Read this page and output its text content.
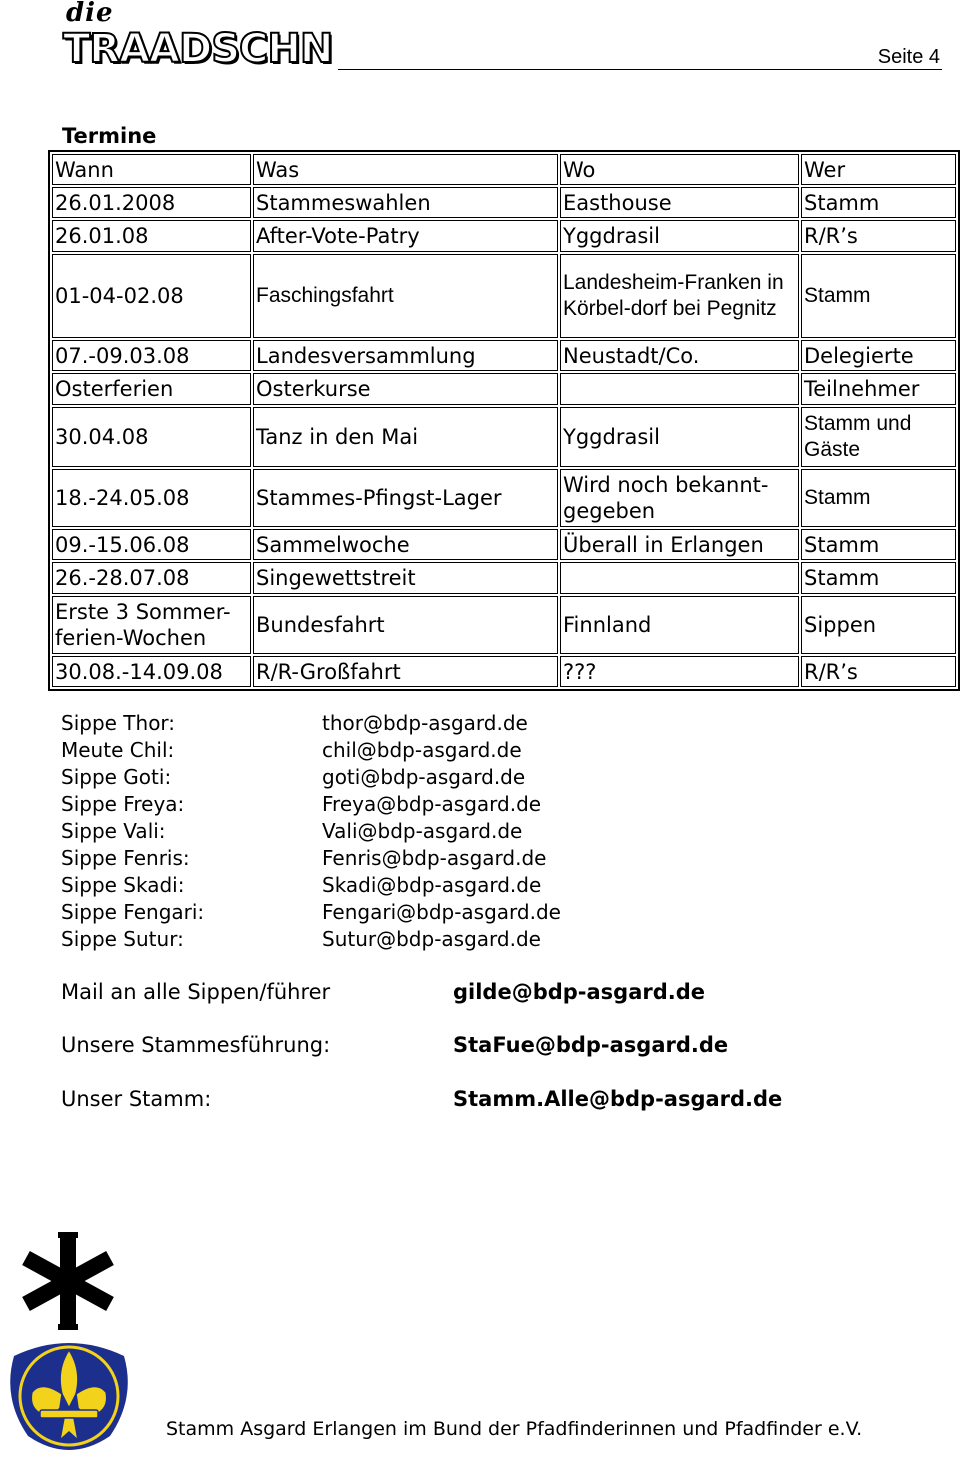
die
TRAADSCHN	Seite 4
Termine
Wann	Was	Wo	Wer
26.01.2008	Stammeswahlen	Easthouse	Stamm
26.01.08	After-Vote-Patry	Yggdrasil	R/R’s
01-04-02.08	Faschingsfahrt	Landesheim-Franken in Körbel-dorf bei Pegnitz	Stamm
07.-09.03.08	Landesversammlung	Neustadt/Co.	Delegierte
Osterferien	Osterkurse		Teilnehmer
30.04.08	Tanz in den Mai	Yggdrasil	Stamm und Gäste
18.-24.05.08	Stammes-Pfingst-Lager	Wird noch bekannt-gegeben	Stamm
09.-15.06.08	Sammelwoche	Überall in Erlangen	Stamm
26.-28.07.08	Singewettstreit		Stamm
Erste 3 Sommer-ferien-Wochen	Bundesfahrt	Finnland	Sippen
30.08.-14.09.08	R/R-Großfahrt	???	R/R’s
Sippe Thor:	thor@bdp-asgard.de
Meute Chil:	chil@bdp-asgard.de
Sippe Goti:	goti@bdp-asgard.de
Sippe Freya:	Freya@bdp-asgard.de
Sippe Vali:	Vali@bdp-asgard.de
Sippe Fenris:	Fenris@bdp-asgard.de
Sippe Skadi:	Skadi@bdp-asgard.de
Sippe Fengari:	Fengari@bdp-asgard.de
Sippe Sutur:	Sutur@bdp-asgard.de
Mail an alle Sippen/führer	gilde@bdp-asgard.de
Unsere Stammesführung:	StaFue@bdp-asgard.de
Unser Stamm:	Stamm.Alle@bdp-asgard.de
Stamm Asgard Erlangen im Bund der Pfadfinderinnen und Pfadfinder e.V.
